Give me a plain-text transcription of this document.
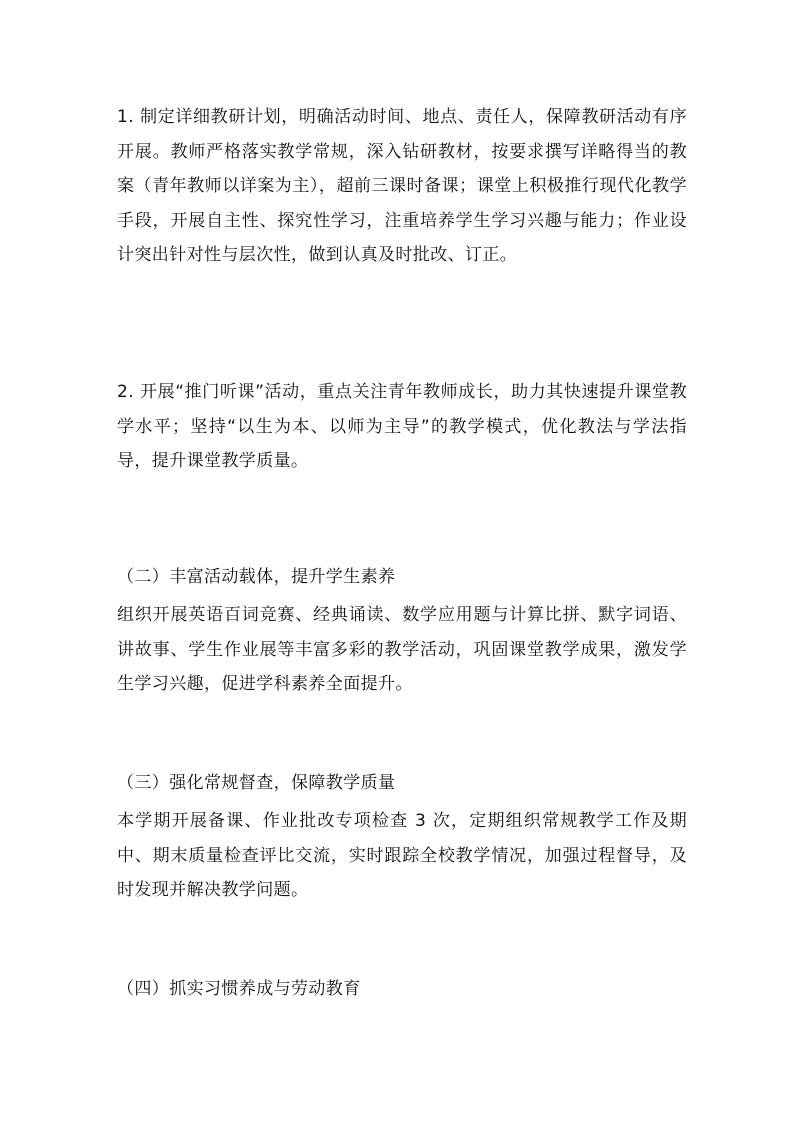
1. 制定详细教研计划，明确活动时间、地点、责任人，保障教研活动有序开展。教师严格落实教学常规，深入钻研教材，按要求撰写详略得当的教案（青年教师以详案为主），超前三课时备课；课堂上积极推行现代化教学手段，开展自主性、探究性学习，注重培养学生学习兴趣与能力；作业设计突出针对性与层次性，做到认真及时批改、订正。

2. 开展“推门听课”活动，重点关注青年教师成长，助力其快速提升课堂教学水平；坚持“以生为本、以师为主导”的教学模式，优化教法与学法指导，提升课堂教学质量。

（二）丰富活动载体，提升学生素养

组织开展英语百词竞赛、经典诵读、数学应用题与计算比拼、默字词语、讲故事、学生作业展等丰富多彩的教学活动，巩固课堂教学成果，激发学生学习兴趣，促进学科素养全面提升。

（三）强化常规督查，保障教学质量

本学期开展备课、作业批改专项检查 3 次，定期组织常规教学工作及期中、期末质量检查评比交流，实时跟踪全校教学情况，加强过程督导，及时发现并解决教学问题。

（四）抓实习惯养成与劳动教育
